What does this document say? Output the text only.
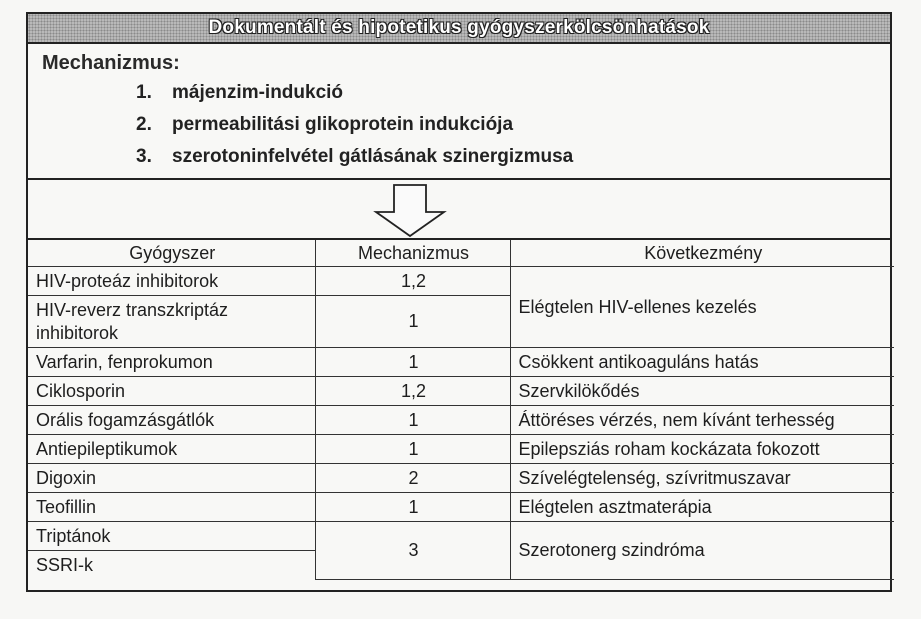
Dokumentált és hipotetikus gyógyszerkölcsönhatások
Mechanizmus:
1. májenzim-indukció
2. permeabilitási glikoprotein indukciója
3. szerotoninfelvétel gátlásának szinergizmusa
Gyógyszer	Mechanizmus	Következmény
HIV-proteáz inhibitorok	1,2	Elégtelen HIV-ellenes kezelés
HIV-reverz transzkriptáz inhibitorok	1	
Varfarin, fenprokumon	1	Csökkent antikoaguláns hatás
Ciklosporin	1,2	Szervkilökődés
Orális fogamzásgátlók	1	Áttöréses vérzés, nem kívánt terhesség
Antiepileptikumok	1	Epilepsziás roham kockázata fokozott
Digoxin	2	Szívelégtelenség, szívritmuszavar
Teofillin	1	Elégtelen asztmaterápia
Triptánok	3	Szerotonerg szindróma
SSRI-k		
